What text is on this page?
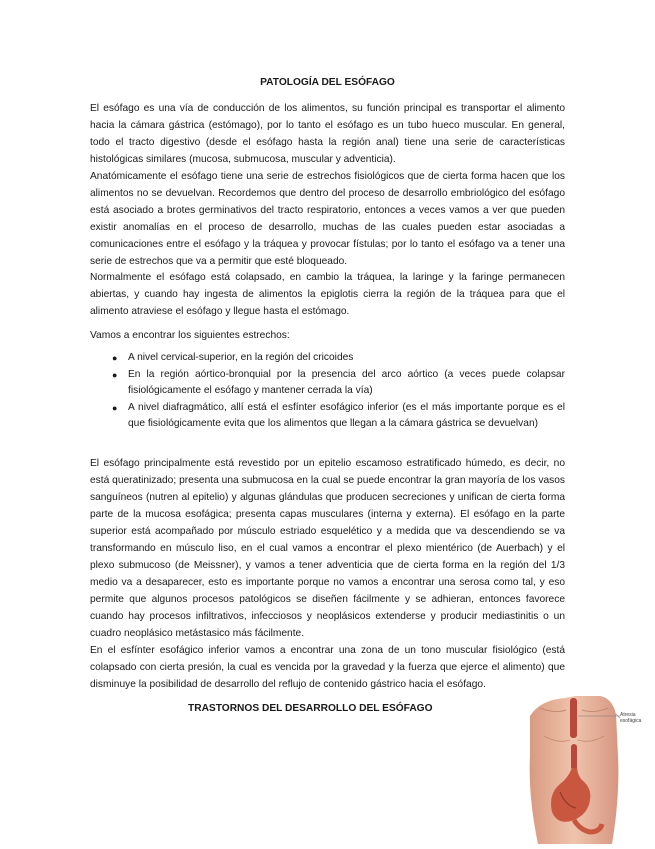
PATOLOGÍA DEL ESÓFAGO

El esófago es una vía de conducción de los alimentos, su función principal es transportar el alimento hacia la cámara gástrica (estómago), por lo tanto el esófago es un tubo hueco muscular. En general, todo el tracto digestivo (desde el esófago hasta la región anal) tiene una serie de características histológicas similares (mucosa, submucosa, muscular y adventicia).

Anatómicamente el esófago tiene una serie de estrechos fisiológicos que de cierta forma hacen que los alimentos no se devuelvan. Recordemos que dentro del proceso de desarrollo embriológico del esófago está asociado a brotes germinativos del tracto respiratorio, entonces a veces vamos a ver que pueden existir anomalías en el proceso de desarrollo, muchas de las cuales pueden estar asociadas a comunicaciones entre el esófago y la tráquea y provocar fístulas; por lo tanto el esófago va a tener una serie de estrechos que va a permitir que esté bloqueado.

Normalmente el esófago está colapsado, en cambio la tráquea, la laringe y la faringe permanecen abiertas, y cuando hay ingesta de alimentos la epiglotis cierra la región de la tráquea para que el alimento atraviese el esófago y llegue hasta el estómago.

Vamos a encontrar los siguientes estrechos:

● A nivel cervical-superior, en la región del cricoides
● En la región aórtico-bronquial por la presencia del arco aórtico (a veces puede colapsar fisiológicamente el esófago y mantener cerrada la vía)
● A nivel diafragmático, allí está el esfínter esofágico inferior (es el más importante porque es el que fisiológicamente evita que los alimentos que llegan a la cámara gástrica se devuelvan)

El esófago principalmente está revestido por un epitelio escamoso estratificado húmedo, es decir, no está queratinizado; presenta una submucosa en la cual se puede encontrar la gran mayoría de los vasos sanguíneos (nutren al epitelio) y algunas glándulas que producen secreciones y unifican de cierta forma parte de la mucosa esofágica; presenta capas musculares (interna y externa). El esófago en la parte superior está acompañado por músculo estriado esquelético y a medida que va descendiendo se va transformando en músculo liso, en el cual vamos a encontrar el plexo mientérico (de Auerbach) y el plexo submucoso (de Meissner), y vamos a tener adventicia que de cierta forma en la región del 1/3 medio va a desaparecer, esto es importante porque no vamos a encontrar una serosa como tal, y eso permite que algunos procesos patológicos se diseñen fácilmente y se adhieran, entonces favorece cuando hay procesos infiltrativos, infecciosos y neoplásicos extenderse y producir mediastinitis o un cuadro neoplásico metástasico más fácilmente.

En el esfínter esofágico inferior vamos a encontrar una zona de un tono muscular fisiológico (está colapsado con cierta presión, la cual es vencida por la gravedad y la fuerza que ejerce el alimento) que disminuye la posibilidad de desarrollo del reflujo de contenido gástrico hacia el esófago.

TRASTORNOS DEL DESARROLLO DEL ESÓFAGO
Atresia
esofágica
